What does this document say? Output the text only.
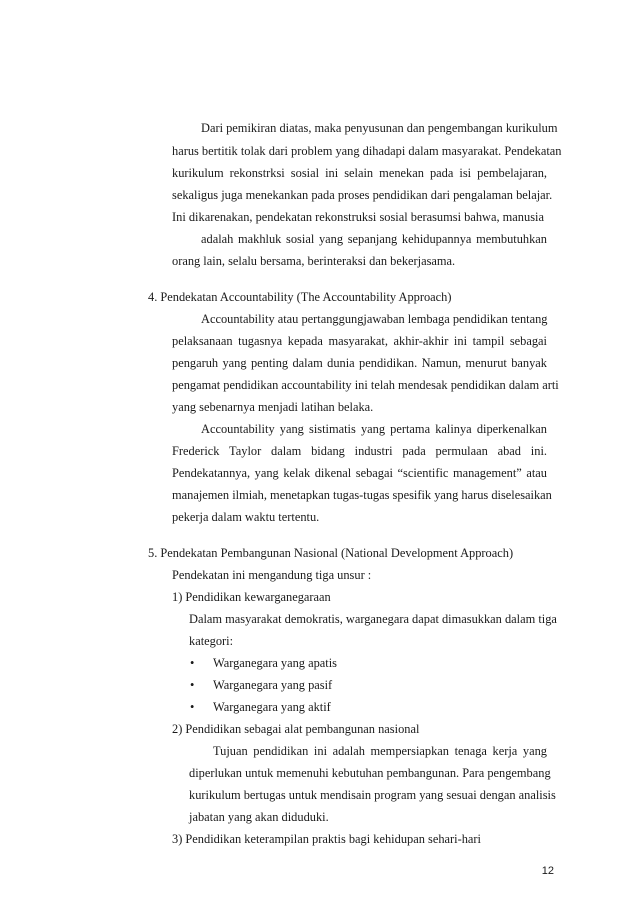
Dari pemikiran diatas, maka penyusunan dan pengembangan kurikulum

harus bertitik tolak dari problem yang dihadapi dalam masyarakat. Pendekatan

kurikulum rekonstrksi sosial ini selain menekan pada isi pembelajaran,

sekaligus juga menekankan pada proses pendidikan dari pengalaman belajar.

Ini dikarenakan, pendekatan rekonstruksi sosial berasumsi bahwa, manusia

adalah makhluk sosial yang sepanjang kehidupannya membutuhkan

orang lain, selalu bersama, berinteraksi dan bekerjasama.

4. Pendekatan Accountability (The Accountability Approach)

Accountability atau pertanggungjawaban lembaga pendidikan tentang

pelaksanaan tugasnya kepada masyarakat, akhir-akhir ini tampil sebagai

pengaruh yang penting dalam dunia pendidikan. Namun, menurut banyak

pengamat pendidikan accountability ini telah mendesak pendidikan dalam arti

yang sebenarnya menjadi latihan belaka.

Accountability yang sistimatis yang pertama kalinya diperkenalkan

Frederick Taylor dalam bidang industri pada permulaan abad ini.

Pendekatannya, yang kelak dikenal sebagai “scientific management” atau

manajemen ilmiah, menetapkan tugas-tugas spesifik yang harus diselesaikan

pekerja dalam waktu tertentu.

5. Pendekatan Pembangunan Nasional (National Development Approach)

Pendekatan ini mengandung tiga unsur :

1) Pendidikan kewarganegaraan

Dalam masyarakat demokratis, warganegara dapat dimasukkan dalam tiga

kategori:

• Warganegara yang apatis

• Warganegara yang pasif

• Warganegara yang aktif

2) Pendidikan sebagai alat pembangunan nasional

Tujuan pendidikan ini adalah mempersiapkan tenaga kerja yang

diperlukan untuk memenuhi kebutuhan pembangunan. Para pengembang

kurikulum bertugas untuk mendisain program yang sesuai dengan analisis

jabatan yang akan diduduki.

3) Pendidikan keterampilan praktis bagi kehidupan sehari-hari

12
